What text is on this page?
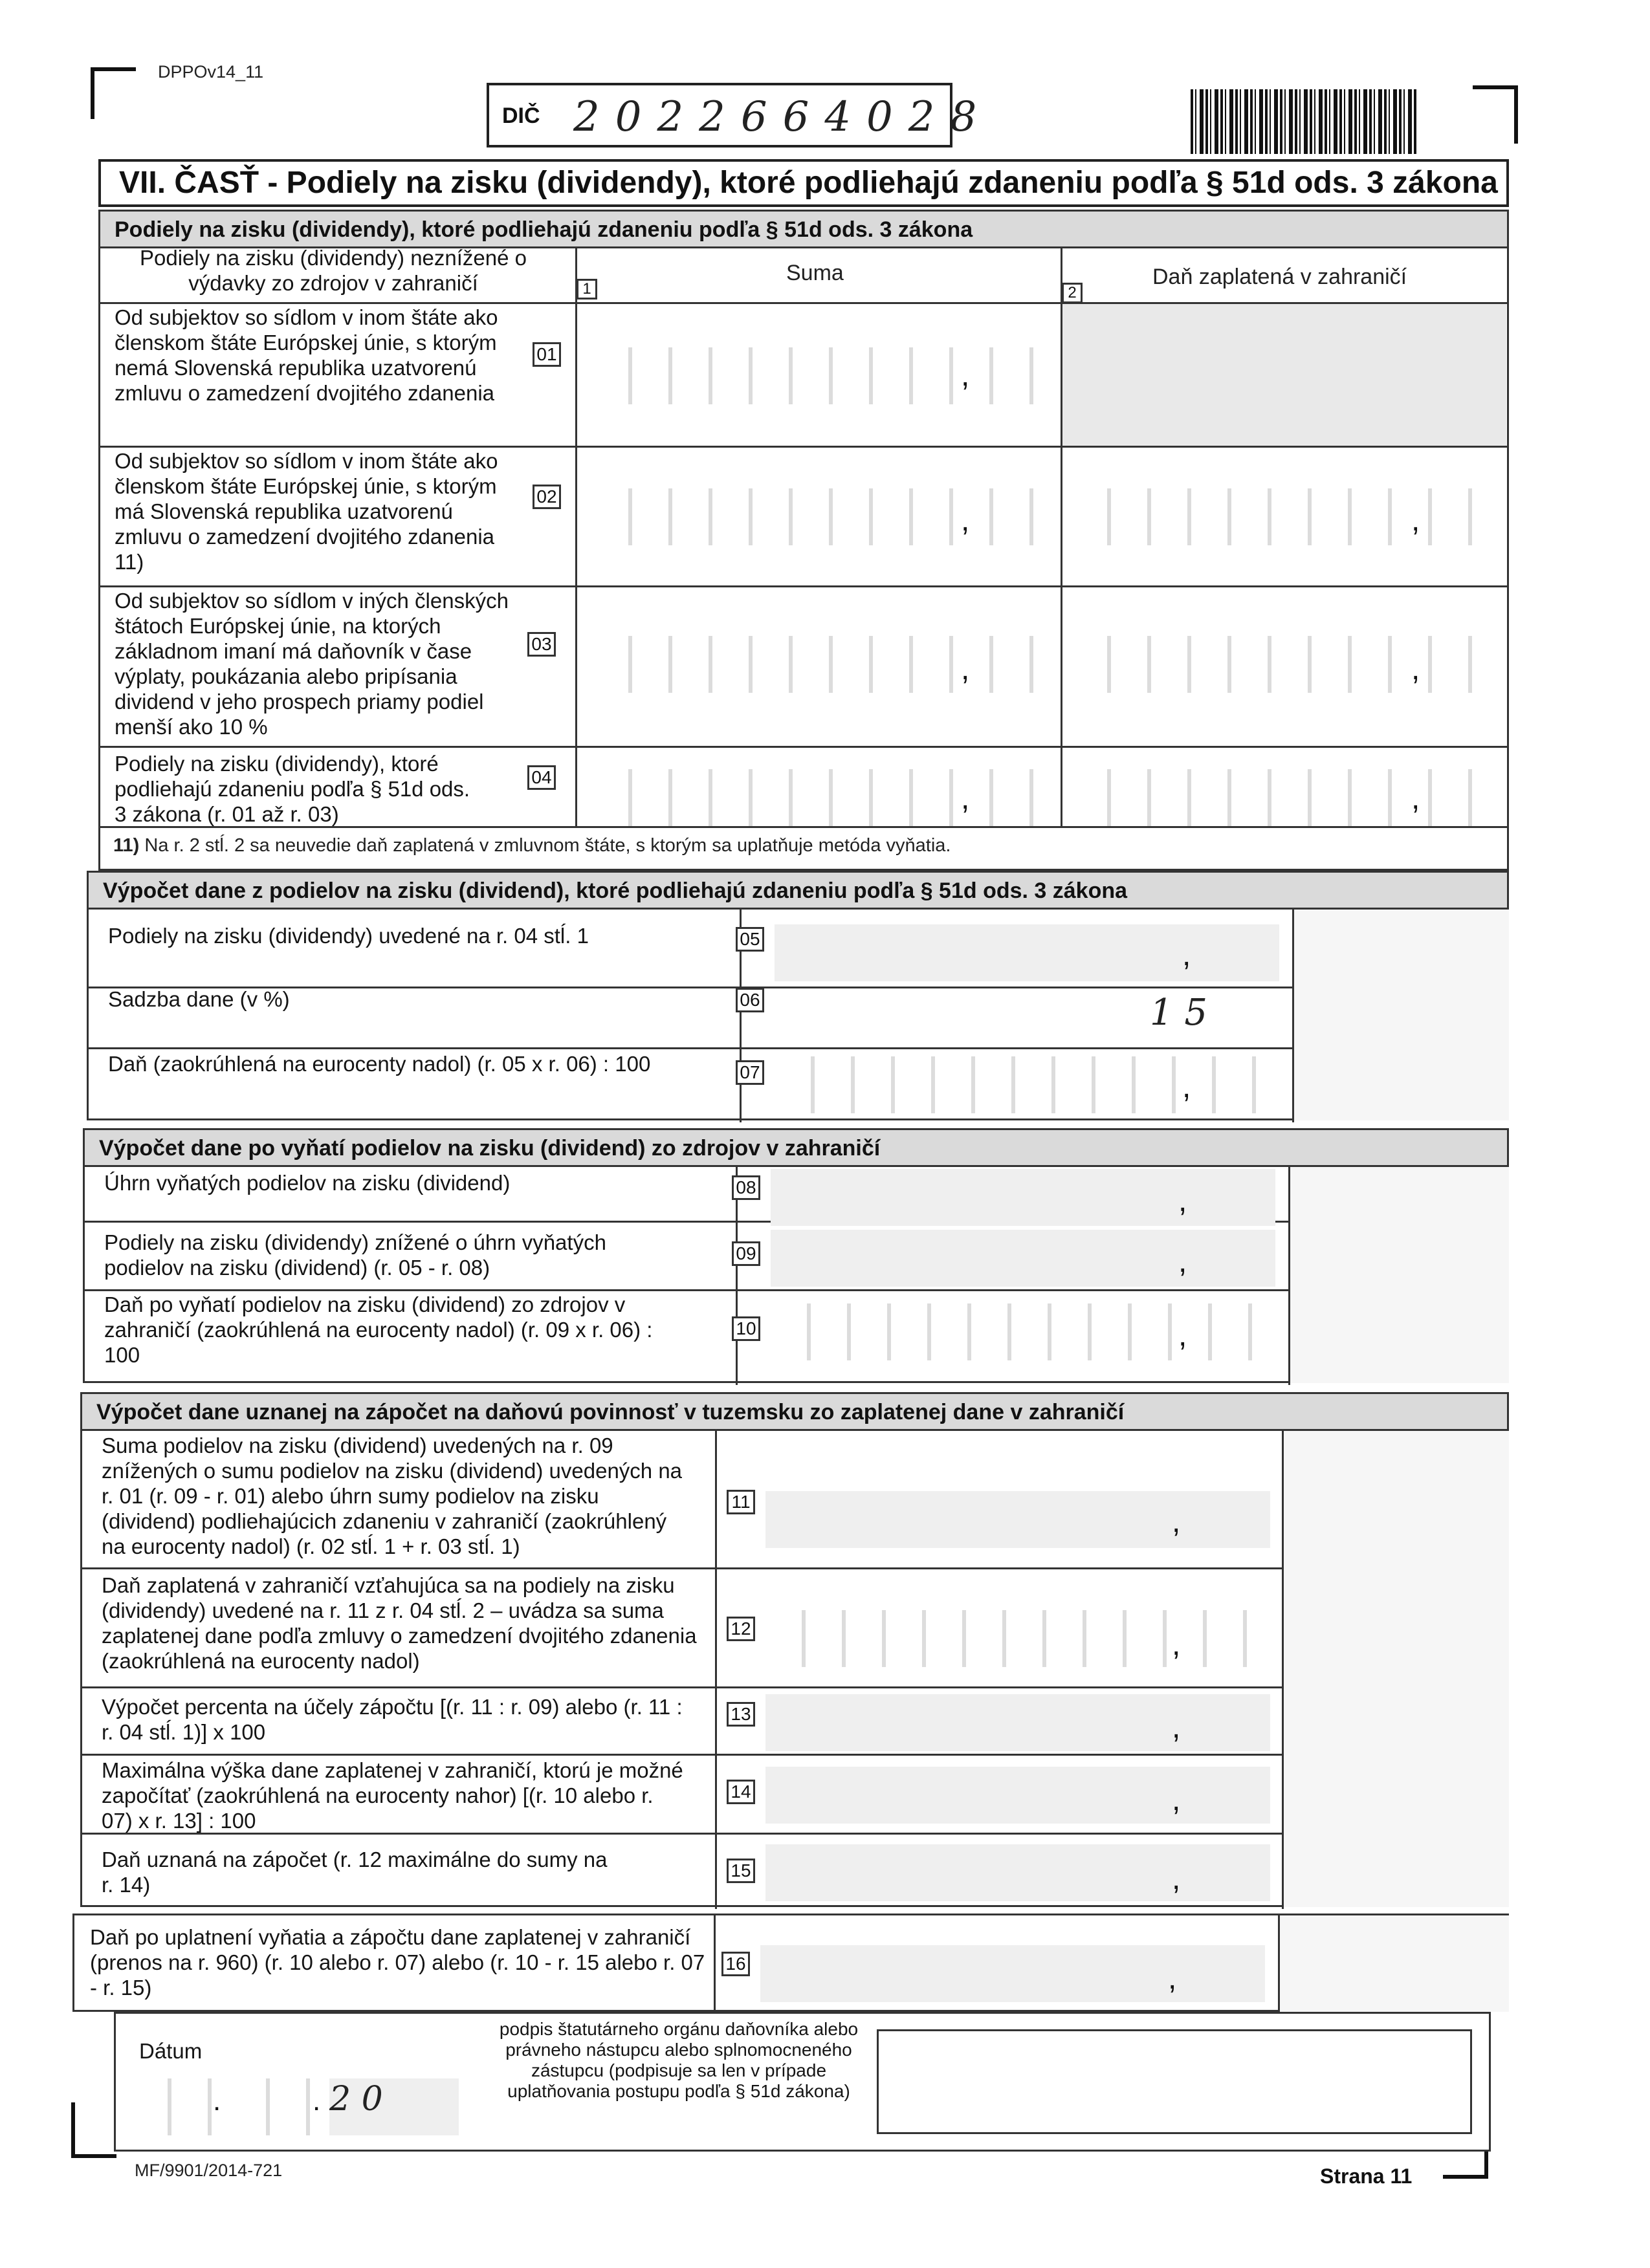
DPPOv14_11
DIČ 2022664028
VII. ČASŤ - Podiely na zisku (dividendy), ktoré podliehajú zdaneniu podľa § 51d ods. 3 zákona
Podiely na zisku (dividendy), ktoré podliehajú zdaneniu podľa § 51d ods. 3 zákona
Podiely na zisku (dividendy) neznížené o výdavky zo zdrojov v zahraničí	1
Suma
2
Daň zaplatená v zahraničí
Od subjektov so sídlom v inom štáte ako členskom štáte Európskej únie, s ktorým nemá Slovenská republika uzatvorenú zmluvu o zamedzení dvojitého zdanenia
01
,
Od subjektov so sídlom v inom štáte ako členskom štáte Európskej únie, s ktorým má Slovenská republika uzatvorenú zmluvu o zamedzení dvojitého zdanenia 11)
02
,	,
Od subjektov so sídlom v iných členských štátoch Európskej únie, na ktorých základnom imaní má daňovník v čase výplaty, poukázania alebo pripísania dividend v jeho prospech priamy podiel menší ako 10 %
03
,	,
Podiely na zisku (dividendy), ktoré podliehajú zdaneniu podľa § 51d ods. 3 zákona (r. 01 až r. 03)
04
,	,
11) Na r. 2 stĺ. 2 sa neuvedie daň zaplatená v zmluvnom štáte, s ktorým sa uplatňuje metóda vyňatia.
Výpočet dane z podielov na zisku (dividend), ktoré podliehajú zdaneniu podľa § 51d ods. 3 zákona
Podiely na zisku (dividendy) uvedené na r. 04 stĺ. 1	05	,
Sadzba dane (v %)	06	1 5
Daň (zaokrúhlená na eurocenty nadol) (r. 05 x r. 06) : 100	07	,
Výpočet dane po vyňatí podielov na zisku (dividend) zo zdrojov v zahraničí
Úhrn vyňatých podielov na zisku (dividend)	08	,
Podiely na zisku (dividendy) znížené o úhrn vyňatých podielov na zisku (dividend) (r. 05 - r. 08)
09	,
Daň po vyňatí podielov na zisku (dividend) zo zdrojov v zahraničí (zaokrúhlená na eurocenty nadol) (r. 09 x r. 06) : 100
10	,
Výpočet dane uznanej na zápočet na daňovú povinnosť v tuzemsku zo zaplatenej dane v zahraničí
Suma podielov na zisku (dividend) uvedených na r. 09 znížených o sumu podielov na zisku (dividend) uvedených na r. 01 (r. 09 - r. 01) alebo úhrn sumy podielov na zisku (dividend) podliehajúcich zdaneniu v zahraničí (zaokrúhlený na eurocenty nadol) (r. 02 stĺ. 1 + r. 03 stĺ. 1)
11
,
Daň zaplatená v zahraničí vzťahujúca sa na podiely na zisku (dividendy) uvedené na r. 11 z r. 04 stĺ. 2 – uvádza sa suma zaplatenej dane podľa zmluvy o zamedzení dvojitého zdanenia (zaokrúhlená na eurocenty nadol)
12	,
Výpočet percenta na účely zápočtu [(r. 11 : r. 09) alebo (r. 11 : r. 04 stĺ. 1)] x 100
13	,
Maximálna výška dane zaplatenej v zahraničí, ktorú je možné započítať (zaokrúhlená na eurocenty nahor) [(r. 10 alebo r. 07) x r. 13] : 100
14	,
Daň uznaná na zápočet (r. 12 maximálne do sumy na r. 14)
15	,
Daň po uplatnení vyňatia a zápočtu dane zaplatenej v zahraničí (prenos na r. 960) (r. 10 alebo r. 07) alebo (r. 10 - r. 15 alebo r. 07 - r. 15)
16	,
Dátum
.	. 2 0
podpis štatutárneho orgánu daňovníka alebo právneho nástupcu alebo splnomocneného zástupcu (podpisuje sa len v prípade uplatňovania postupu podľa § 51d zákona)
MF/9901/2014-721	Strana 11
